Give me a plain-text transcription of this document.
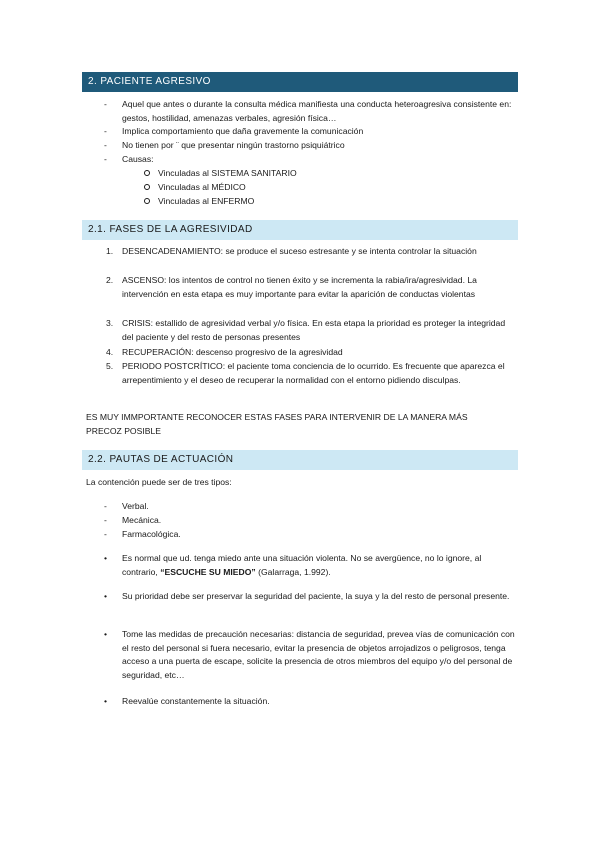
2. PACIENTE AGRESIVO
- Aquel que antes o durante la consulta médica manifiesta una conducta heteroagresiva consistente en: gestos, hostilidad, amenazas verbales, agresión física…
- Implica comportamiento que daña gravemente la comunicación
- No tienen por ¨ que presentar ningún trastorno psiquiátrico
- Causas:
Vinculadas al SISTEMA SANITARIO
Vinculadas al MÉDICO
Vinculadas al ENFERMO
2.1. FASES DE LA AGRESIVIDAD
1. DESENCADENAMIENTO: se produce el suceso estresante y se intenta controlar la situación
2. ASCENSO: los intentos de control no tienen éxito y se incrementa la rabia/ira/agresividad. La intervención en esta etapa es muy importante para evitar la aparición de conductas violentas
3. CRISIS: estallido de agresividad verbal y/o física. En esta etapa la prioridad es proteger la integridad del paciente y del resto de personas presentes
4. RECUPERACIÓN: descenso progresivo de la agresividad
5. PERIODO POSTCRÍTICO: el paciente toma conciencia de lo ocurrido. Es frecuente que aparezca el arrepentimiento y el deseo de recuperar la normalidad con el entorno pidiendo disculpas.
ES MUY IMMPORTANTE RECONOCER ESTAS FASES PARA INTERVENIR DE LA MANERA MÁS PRECOZ POSIBLE
2.2. PAUTAS DE ACTUACIÓN
La contención puede ser de tres tipos:
- Verbal.
- Mecánica.
- Farmacológica.
• Es normal que ud. tenga miedo ante una situación violenta. No se avergüence, no lo ignore, al contrario, “ESCUCHE SU MIEDO” (Galarraga, 1.992).
• Su prioridad debe ser preservar la seguridad del paciente, la suya y la del resto de personal presente.
• Tome las medidas de precaución necesarias: distancia de seguridad, prevea vías de comunicación con el resto del personal si fuera necesario, evitar la presencia de objetos arrojadizos o peligrosos, tenga acceso a una puerta de escape, solicite la presencia de otros miembros del equipo y/o del personal de seguridad, etc…
• Reevalúe constantemente la situación.
